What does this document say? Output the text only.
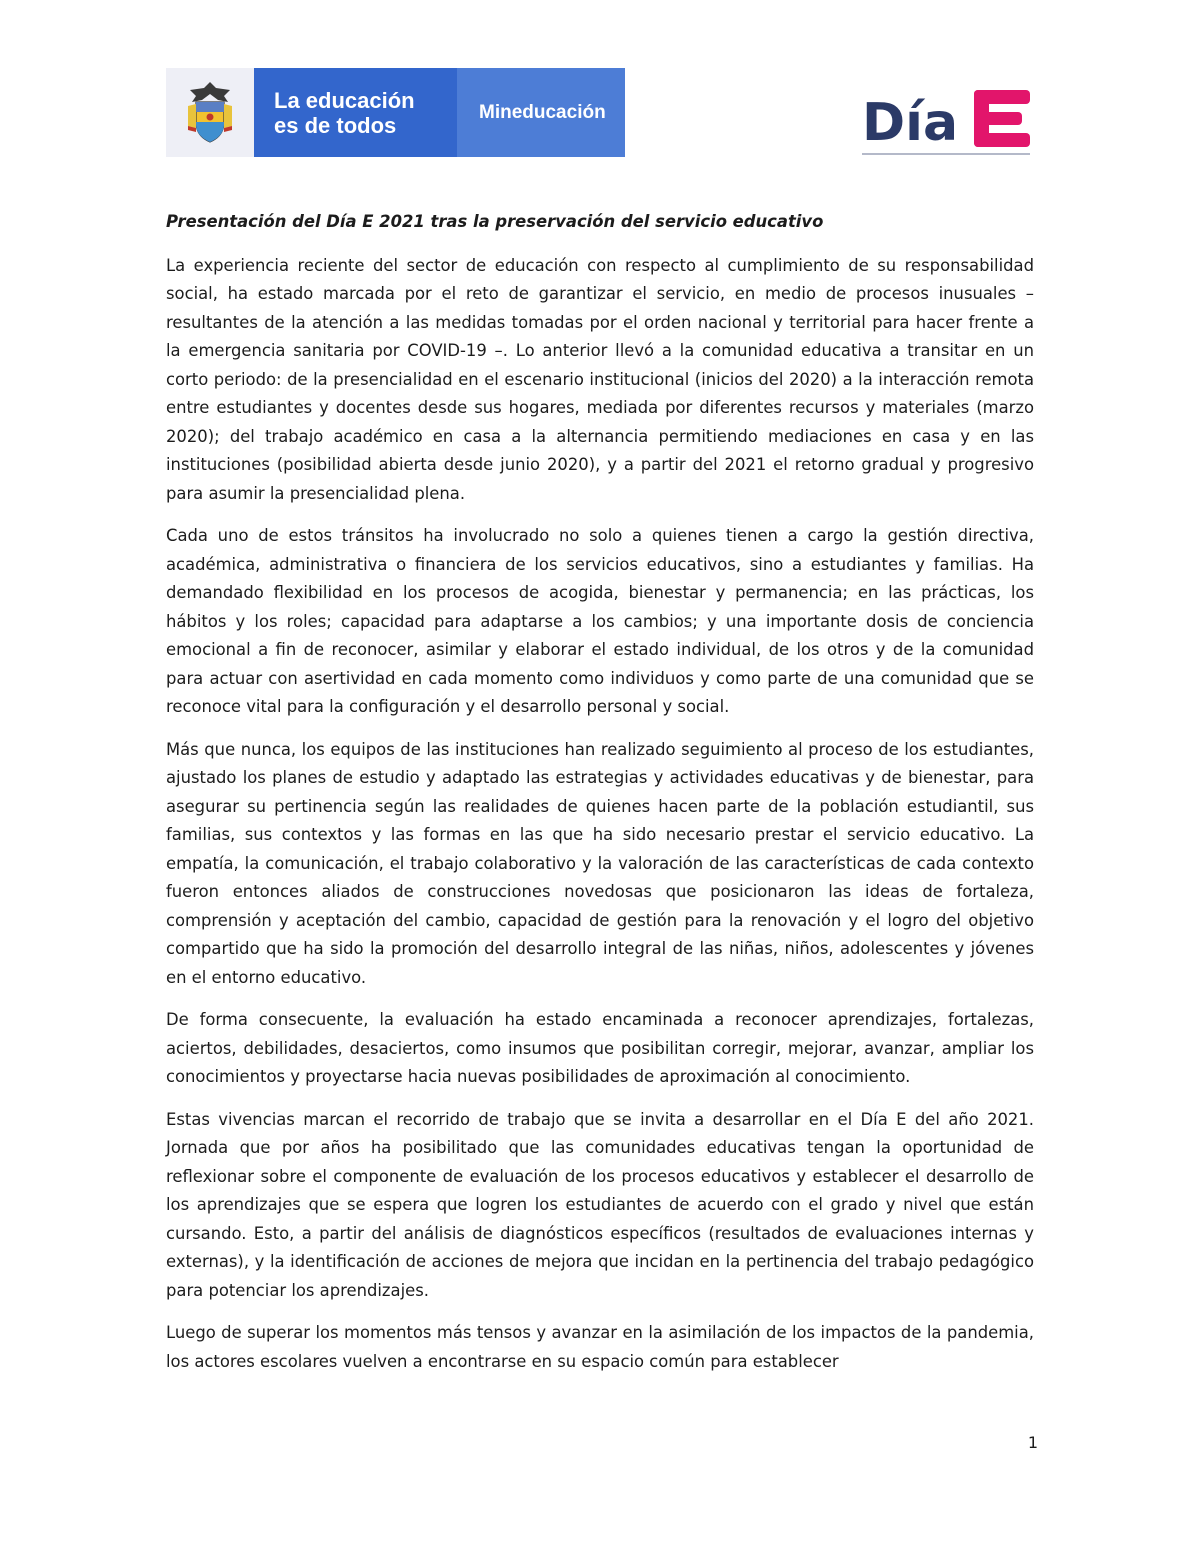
La educación
es de todos
Mineducación	Día

Presentación del Día E 2021 tras la preservación del servicio educativo

La experiencia reciente del sector de educación con respecto al cumplimiento de su responsabilidad social, ha estado marcada por el reto de garantizar el servicio, en medio de procesos inusuales – resultantes de la atención a las medidas tomadas por el orden nacional y territorial para hacer frente a la emergencia sanitaria por COVID-19 –. Lo anterior llevó a la comunidad educativa a transitar en un corto periodo: de la presencialidad en el escenario institucional (inicios del 2020) a la interacción remota entre estudiantes y docentes desde sus hogares, mediada por diferentes recursos y materiales (marzo 2020); del trabajo académico en casa a la alternancia permitiendo mediaciones en casa y en las instituciones (posibilidad abierta desde junio 2020), y a partir del 2021 el retorno gradual y progresivo para asumir la presencialidad plena.

Cada uno de estos tránsitos ha involucrado no solo a quienes tienen a cargo la gestión directiva, académica, administrativa o financiera de los servicios educativos, sino a estudiantes y familias. Ha demandado flexibilidad en los procesos de acogida, bienestar y permanencia; en las prácticas, los hábitos y los roles; capacidad para adaptarse a los cambios; y una importante dosis de conciencia emocional a fin de reconocer, asimilar y elaborar el estado individual, de los otros y de la comunidad para actuar con asertividad en cada momento como individuos y como parte de una comunidad que se reconoce vital para la configuración y el desarrollo personal y social.

Más que nunca, los equipos de las instituciones han realizado seguimiento al proceso de los estudiantes, ajustado los planes de estudio y adaptado las estrategias y actividades educativas y de bienestar, para asegurar su pertinencia según las realidades de quienes hacen parte de la población estudiantil, sus familias, sus contextos y las formas en las que ha sido necesario prestar el servicio educativo. La empatía, la comunicación, el trabajo colaborativo y la valoración de las características de cada contexto fueron entonces aliados de construcciones novedosas que posicionaron las ideas de fortaleza, comprensión y aceptación del cambio, capacidad de gestión para la renovación y el logro del objetivo compartido que ha sido la promoción del desarrollo integral de las niñas, niños, adolescentes y jóvenes en el entorno educativo.

De forma consecuente, la evaluación ha estado encaminada a reconocer aprendizajes, fortalezas, aciertos, debilidades, desaciertos, como insumos que posibilitan corregir, mejorar, avanzar, ampliar los conocimientos y proyectarse hacia nuevas posibilidades de aproximación al conocimiento.

Estas vivencias marcan el recorrido de trabajo que se invita a desarrollar en el Día E del año 2021. Jornada que por años ha posibilitado que las comunidades educativas tengan la oportunidad de reflexionar sobre el componente de evaluación de los procesos educativos y establecer el desarrollo de los aprendizajes que se espera que logren los estudiantes de acuerdo con el grado y nivel que están cursando. Esto, a partir del análisis de diagnósticos específicos (resultados de evaluaciones internas y externas), y la identificación de acciones de mejora que incidan en la pertinencia del trabajo pedagógico para potenciar los aprendizajes.

Luego de superar los momentos más tensos y avanzar en la asimilación de los impactos de la pandemia, los actores escolares vuelven a encontrarse en su espacio común para establecer

1
